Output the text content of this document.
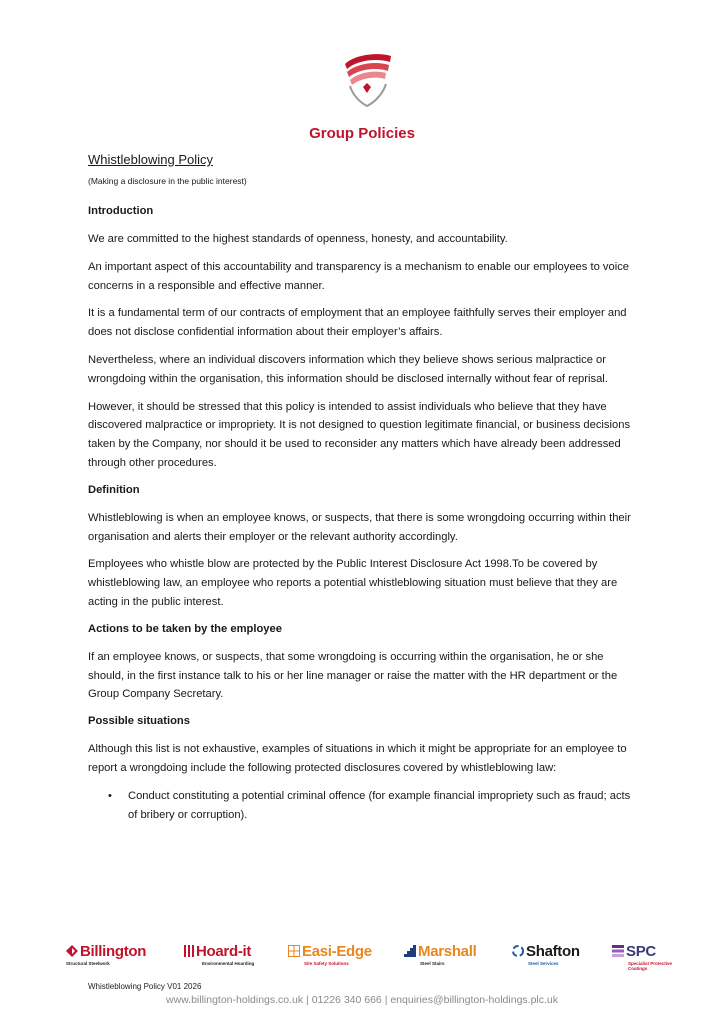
Group Policies

Whistleblowing Policy

(Making a disclosure in the public interest)

Introduction

We are committed to the highest standards of openness, honesty, and accountability.

An important aspect of this accountability and transparency is a mechanism to enable our employees to voice concerns in a responsible and effective manner.

It is a fundamental term of our contracts of employment that an employee faithfully serves their employer and does not disclose confidential information about their employer’s affairs.

Nevertheless, where an individual discovers information which they believe shows serious malpractice or wrongdoing within the organisation, this information should be disclosed internally without fear of reprisal.

However, it should be stressed that this policy is intended to assist individuals who believe that they have discovered malpractice or impropriety. It is not designed to question legitimate financial, or business decisions taken by the Company, nor should it be used to reconsider any matters which have already been addressed through other procedures.

Definition

Whistleblowing is when an employee knows, or suspects, that there is some wrongdoing occurring within their organisation and alerts their employer or the relevant authority accordingly.

Employees who whistle blow are protected by the Public Interest Disclosure Act 1998.To be covered by whistleblowing law, an employee who reports a potential whistleblowing situation must believe that they are acting in the public interest.

Actions to be taken by the employee

If an employee knows, or suspects, that some wrongdoing is occurring within the organisation, he or she should, in the first instance talk to his or her line manager or raise the matter with the HR department or the Group Company Secretary.

Possible situations

Although this list is not exhaustive, examples of situations in which it might be appropriate for an employee to report a wrongdoing include the following protected disclosures covered by whistleblowing law:

• Conduct constituting a potential criminal offence (for example financial impropriety such as fraud; acts of bribery or corruption).
Billington
Structural Steelwork
Hoard-it
Environmental Hoarding
Easi-Edge
Site Safety Solutions
Marshall
Steel Stairs
Shafton
Steel Services
SPC
Specialist Protective Coatings
Whistleblowing Policy V01 2026
www.billington-holdings.co.uk | 01226 340 666 | enquiries@billington-holdings.plc.uk
